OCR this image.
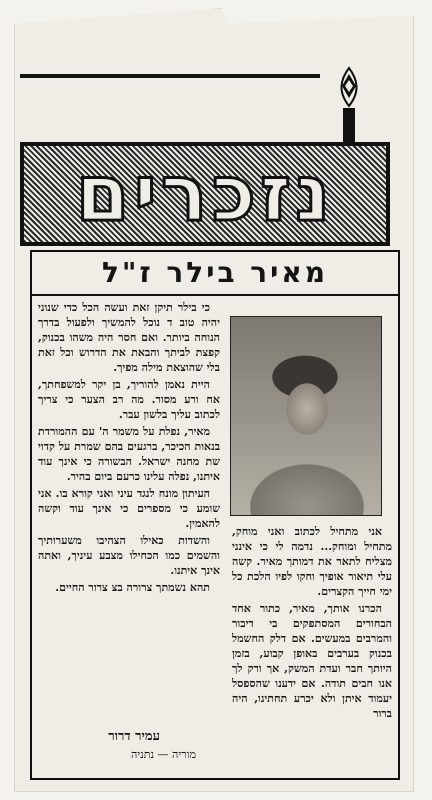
נזכרים
מאיר בילר ז"ל

כי בילר תיקן זאת ועשה הכל כדי שנוני יהיה טוב ד נוכל להמשיך ולפעול בדרך הנוחה ביותר. ואם חסר היה משהו בכנוק, קפצת לביתך והבאת את הדרוש וכל זאת בלי שהוצאת מילה מפיך.

היית נאמן להוריך, בן יקר למשפחתך, אח ורע מסור. מה רב הצער כי צריך לכתוב עליך בלשון עבר.

מאיר, נפלת על משמר ה' עם ההמורדת בנאות הכיכר, ברגעים בהם שמרת על קדוי שת מחנה ישראל. הבשורה כי אינך עוד איתנו, נפלה עלינו כרעם ביום בהיר.

העיתון מונח לנגד עיני ואני קורא בו. אני שומע כי מספרים כי אינך עוד וקשה להאמין.

והשדות כאילו הצהיבו משערותיך והשמים כמו הכחילו מצבע עיניך, ואתה אינך איתנו.

תהא נשמתך צרורה בצ צרור החיים.

אני מתחיל לכתוב ואני מוחק, מתחיל ומוחק... נדמה לי כי אינני מצליח לתאר את דמותך מאיר. קשה עלי תיאור אופיך וחקו לפיו הלכת כל ימי חייך הקצרים.

הכרנו אותך, מאיר, כתור אחד הבחורים המסתפקים בי דיבור והמרבים במעשים. אם דלק החשמל בכנוק בערבים באופן קבוע, בזמן היותך חבר ועדת המשק, אך ורק לך אנו חבים תודה. אם ידענו שהספסל יעמוד איתן ולא יכרע תחתינו, היה ברור

עמיר דרור
מוריה — נתניה
